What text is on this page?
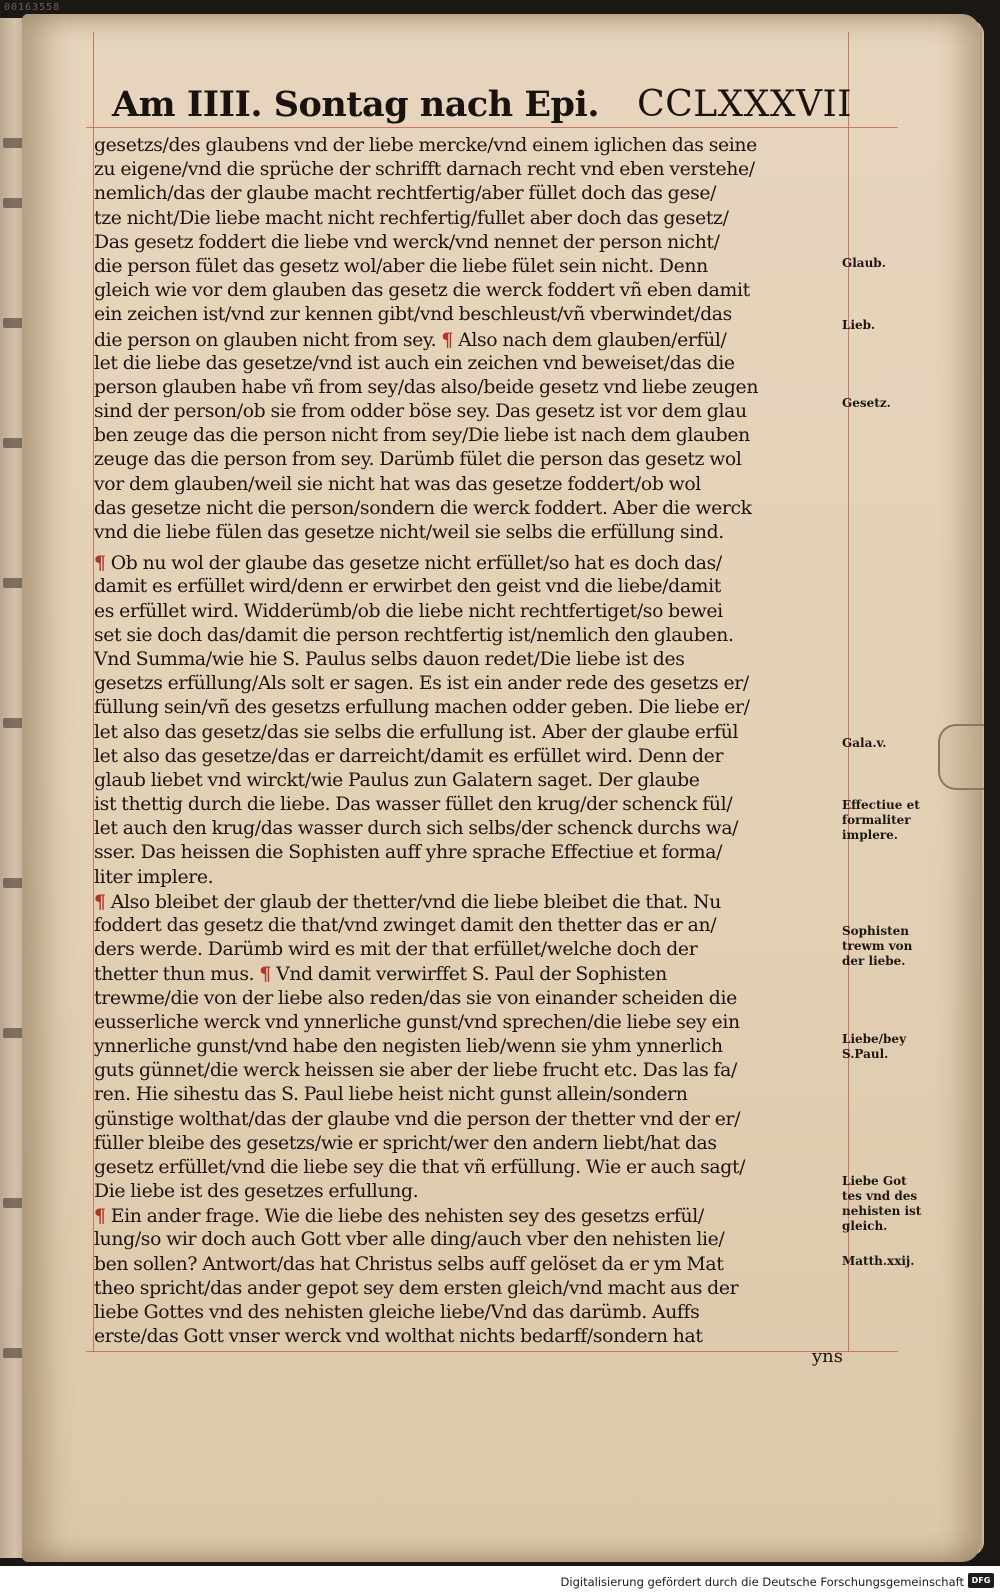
Am IIII. Sontag nach Epi. CCLXXXVII
gesetzs/des glaubens vnd der liebe mercke/vnd einem iglichen das seine
zu eigene/vnd die sprüche der schrifft darnach recht vnd eben verstehe/
nemlich/das der glaube macht rechtfertig/aber füllet doch das gese/
tze nicht/Die liebe macht nicht rechfertig/fullet aber doch das gesetz/
Das gesetz foddert die liebe vnd werck/vnd nennet der person nicht/
die person fület das gesetz wol/aber die liebe fület sein nicht. Denn
gleich wie vor dem glauben das gesetz die werck foddert vñ eben damit
ein zeichen ist/vnd zur kennen gibt/vnd beschleust/vñ vberwindet/das
die person on glauben nicht from sey. ¶ Also nach dem glauben/erfül/
let die liebe das gesetze/vnd ist auch ein zeichen vnd beweiset/das die
person glauben habe vñ from sey/das also/beide gesetz vnd liebe zeugen
sind der person/ob sie from odder böse sey. Das gesetz ist vor dem glau
ben zeuge das die person nicht from sey/Die liebe ist nach dem glauben
zeuge das die person from sey. Darümb fület die person das gesetz wol
vor dem glauben/weil sie nicht hat was das gesetze foddert/ob wol
das gesetze nicht die person/sondern die werck foddert. Aber die werck
vnd die liebe fülen das gesetze nicht/weil sie selbs die erfüllung sind.
¶ Ob nu wol der glaube das gesetze nicht erfüllet/so hat es doch das/
damit es erfüllet wird/denn er erwirbet den geist vnd die liebe/damit
es erfüllet wird. Widderümb/ob die liebe nicht rechtfertiget/so bewei
set sie doch das/damit die person rechtfertig ist/nemlich den glauben.
Vnd Summa/wie hie S. Paulus selbs dauon redet/Die liebe ist des
gesetzs erfüllung/Als solt er sagen. Es ist ein ander rede des gesetzs er/
füllung sein/vñ des gesetzs erfullung machen odder geben. Die liebe er/
let also das gesetz/das sie selbs die erfullung ist. Aber der glaube erfül
let also das gesetze/das er darreicht/damit es erfüllet wird. Denn der
glaub liebet vnd wirckt/wie Paulus zun Galatern saget. Der glaube
ist thettig durch die liebe. Das wasser füllet den krug/der schenck fül/
let auch den krug/das wasser durch sich selbs/der schenck durchs wa/
sser. Das heissen die Sophisten auff yhre sprache Effectiue et forma/
liter implere.
¶ Also bleibet der glaub der thetter/vnd die liebe bleibet die that. Nu
foddert das gesetz die that/vnd zwinget damit den thetter das er an/
ders werde. Darümb wird es mit der that erfüllet/welche doch der
thetter thun mus. ¶ Vnd damit verwirffet S. Paul der Sophisten
trewme/die von der liebe also reden/das sie von einander scheiden die
eusserliche werck vnd ynnerliche gunst/vnd sprechen/die liebe sey ein
ynnerliche gunst/vnd habe den negisten lieb/wenn sie yhm ynnerlich
guts günnet/die werck heissen sie aber der liebe frucht etc. Das las fa/
ren. Hie sihestu das S. Paul liebe heist nicht gunst allein/sondern
günstige wolthat/das der glaube vnd die person der thetter vnd der er/
füller bleibe des gesetzs/wie er spricht/wer den andern liebt/hat das
gesetz erfüllet/vnd die liebe sey die that vñ erfüllung. Wie er auch sagt/
Die liebe ist des gesetzes erfullung.
¶ Ein ander frage. Wie die liebe des nehisten sey des gesetzs erfül/
lung/so wir doch auch Gott vber alle ding/auch vber den nehisten lie/
ben sollen? Antwort/das hat Christus selbs auff gelöset da er ym Mat
theo spricht/das ander gepot sey dem ersten gleich/vnd macht aus der
liebe Gottes vnd des nehisten gleiche liebe/Vnd das darümb. Auffs
erste/das Gott vnser werck vnd wolthat nichts bedarff/sondern hat
yns
Glaub.
Lieb.
Gesetz.
Gala.v.
Effectiue et
formaliter
implere.
Sophisten
trewm von
der liebe.
Liebe/bey
S.Paul.
Liebe Got
tes vnd des
nehisten ist
gleich.
Matth.xxij.
00163558
Digitalisierung gefördert durch die Deutsche Forschungsgemeinschaft DFG
